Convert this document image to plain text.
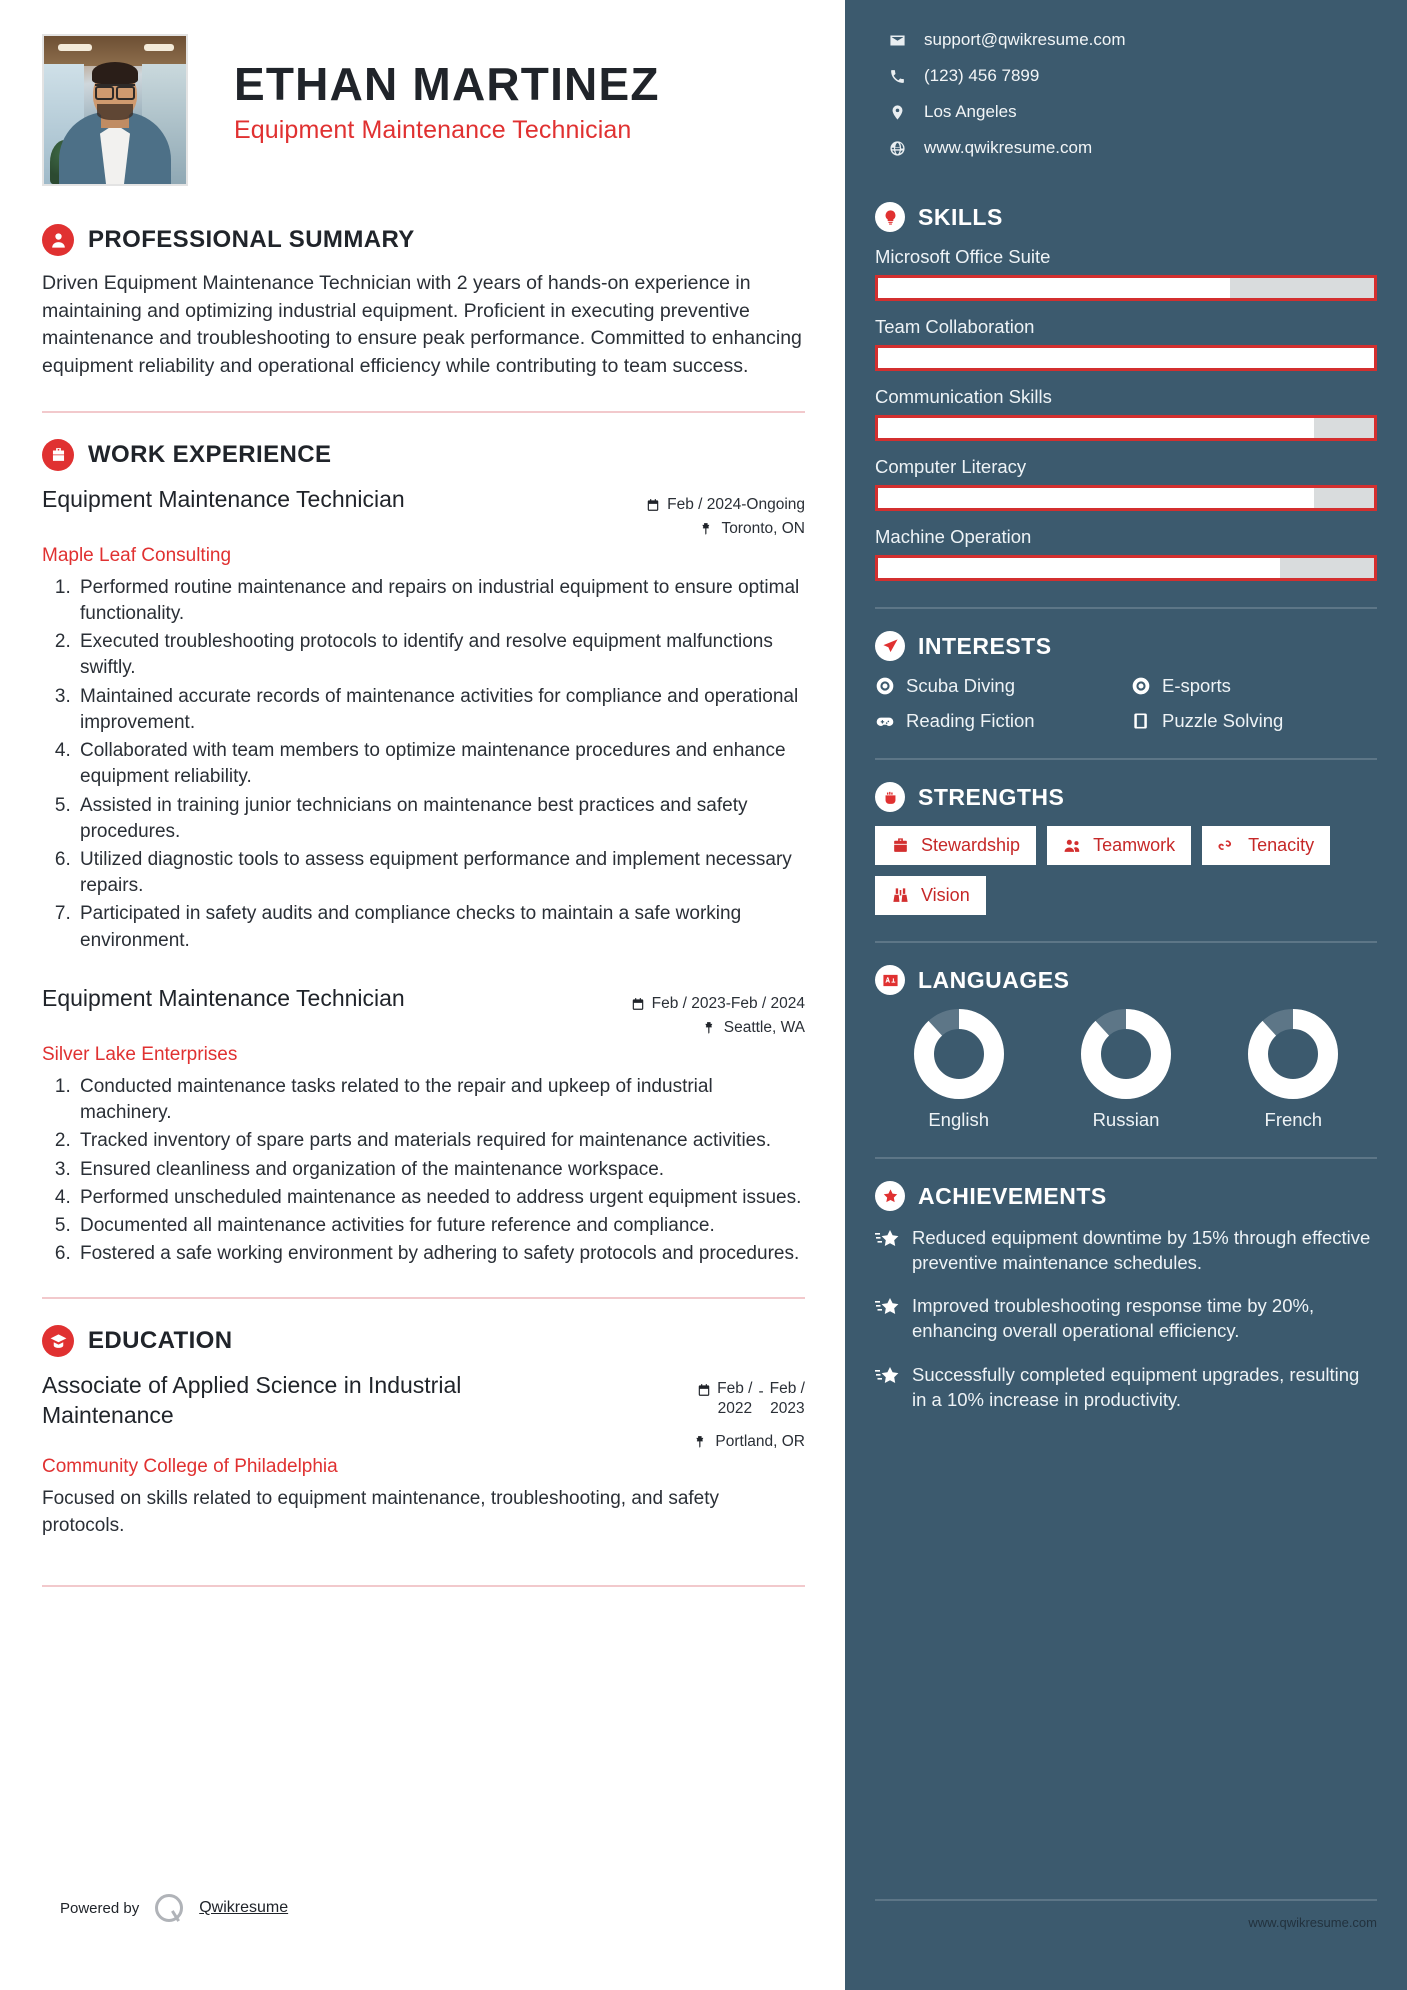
ETHAN MARTINEZ
Equipment Maintenance Technician
PROFESSIONAL SUMMARY

Driven Equipment Maintenance Technician with 2 years of hands-on experience in maintaining and optimizing industrial equipment. Proficient in executing preventive maintenance and troubleshooting to ensure peak performance. Committed to enhancing equipment reliability and operational efficiency while contributing to team success.

WORK EXPERIENCE
Equipment Maintenance Technician	Feb / 2024-Ongoing
Toronto, ON
Maple Leaf Consulting
1. Performed routine maintenance and repairs on industrial equipment to ensure optimal functionality.
2. Executed troubleshooting protocols to identify and resolve equipment malfunctions swiftly.
3. Maintained accurate records of maintenance activities for compliance and operational improvement.
4. Collaborated with team members to optimize maintenance procedures and enhance equipment reliability.
5. Assisted in training junior technicians on maintenance best practices and safety procedures.
6. Utilized diagnostic tools to assess equipment performance and implement necessary repairs.
7. Participated in safety audits and compliance checks to maintain a safe working environment.
Equipment Maintenance Technician	Feb / 2023-Feb / 2024
Seattle, WA
Silver Lake Enterprises
1. Conducted maintenance tasks related to the repair and upkeep of industrial machinery.
2. Tracked inventory of spare parts and materials required for maintenance activities.
3. Ensured cleanliness and organization of the maintenance workspace.
4. Performed unscheduled maintenance as needed to address urgent equipment issues.
5. Documented all maintenance activities for future reference and compliance.
6. Fostered a safe working environment by adhering to safety protocols and procedures.
EDUCATION
Associate of Applied Science in Industrial Maintenance
Feb /
2022
- Feb /
2023
Portland, OR
Community College of Philadelphia
Focused on skills related to equipment maintenance, troubleshooting, and safety protocols.
Powered by	Qwikresume
support@qwikresume.com
(123) 456 7899
Los Angeles
www.qwikresume.com
SKILLS
Microsoft Office Suite
Team Collaboration
Communication Skills
Computer Literacy
Machine Operation
INTERESTS
Scuba Diving	E-sports
Reading Fiction	Puzzle Solving
STRENGTHS
Stewardship	Teamwork	Tenacity
Vision
LANGUAGES
English	Russian	French
ACHIEVEMENTS
Reduced equipment downtime by 15% through effective preventive maintenance schedules.
Improved troubleshooting response time by 20%, enhancing overall operational efficiency.
Successfully completed equipment upgrades, resulting in a 10% increase in productivity.
www.qwikresume.com
